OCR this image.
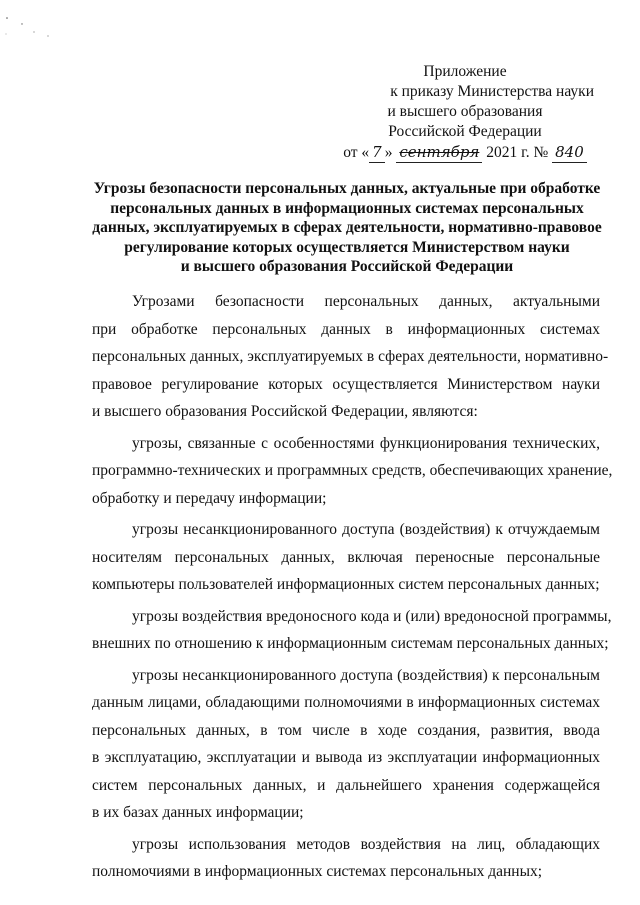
Приложение
к приказу Министерства науки
и высшего образования
Российской Федерации
от « 7 » сентября 2021 г. № 840
Угрозы безопасности персональных данных, актуальные при обработке
персональных данных в информационных системах персональных
данных, эксплуатируемых в сферах деятельности, нормативно-правовое
регулирование которых осуществляется Министерством науки
и высшего образования Российской Федерации
Угрозами безопасности персональных данных, актуальными
при обработке персональных данных в информационных системах
персональных данных, эксплуатируемых в сферах деятельности, нормативно-
правовое регулирование которых осуществляется Министерством науки
и высшего образования Российской Федерации, являются:
угрозы, связанные с особенностями функционирования технических,
программно-технических и программных средств, обеспечивающих хранение,
обработку и передачу информации;
угрозы несанкционированного доступа (воздействия) к отчуждаемым
носителям персональных данных, включая переносные персональные
компьютеры пользователей информационных систем персональных данных;
угрозы воздействия вредоносного кода и (или) вредоносной программы,
внешних по отношению к информационным системам персональных данных;
угрозы несанкционированного доступа (воздействия) к персональным
данным лицами, обладающими полномочиями в информационных системах
персональных данных, в том числе в ходе создания, развития, ввода
в эксплуатацию, эксплуатации и вывода из эксплуатации информационных
систем персональных данных, и дальнейшего хранения содержащейся
в их базах данных информации;
угрозы использования методов воздействия на лиц, обладающих
полномочиями в информационных системах персональных данных;
